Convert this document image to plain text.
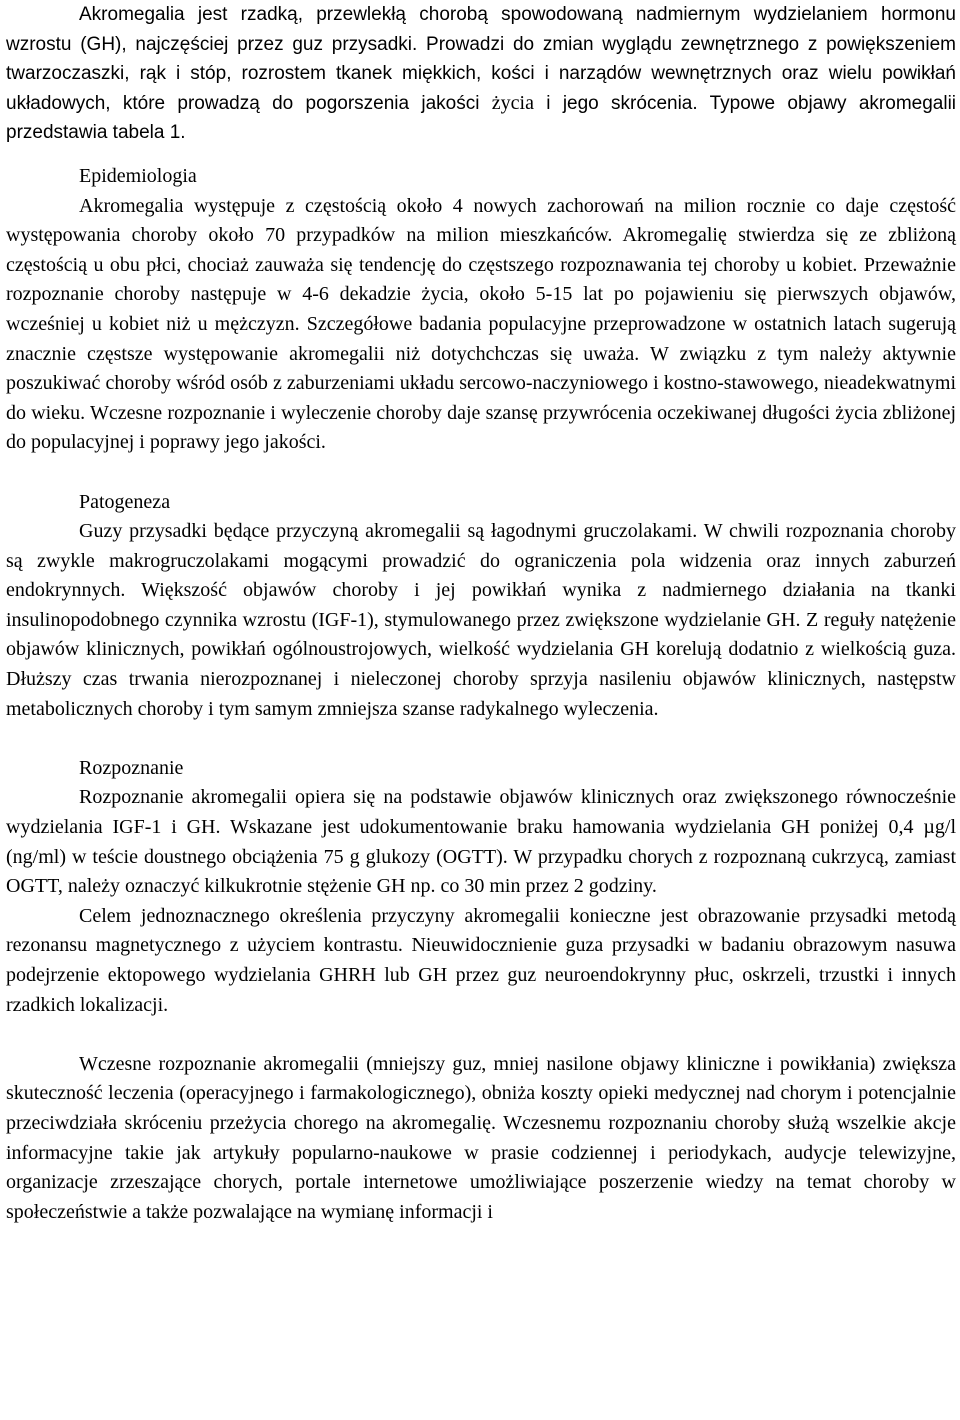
Akromegalia jest rzadką, przewlekłą chorobą spowodowaną nadmiernym wydzielaniem hormonu wzrostu (GH), najczęściej przez guz przysadki. Prowadzi do zmian wyglądu zewnętrznego z powiększeniem twarzoczaszki, rąk i stóp, rozrostem tkanek miękkich, kości i narządów wewnętrznych oraz wielu powikłań układowych, które prowadzą do pogorszenia jakości życia i jego skrócenia. Typowe objawy akromegalii przedstawia tabela 1.

Epidemiologia

Akromegalia występuje z częstością około 4 nowych zachorowań na milion rocznie co daje częstość występowania choroby około 70 przypadków na milion mieszkańców. Akromegalię stwierdza się ze zbliżoną częstością u obu płci, chociaż zauważa się tendencję do częstszego rozpoznawania tej choroby u kobiet. Przeważnie rozpoznanie choroby następuje w 4-6 dekadzie życia, około 5-15 lat po pojawieniu się pierwszych objawów, wcześniej u kobiet niż u mężczyzn. Szczegółowe badania populacyjne przeprowadzone w ostatnich latach sugerują znacznie częstsze występowanie akromegalii niż dotychchczas się uważa. W związku z tym należy aktywnie poszukiwać choroby wśród osób z zaburzeniami układu sercowo-naczyniowego i kostno-stawowego, nieadekwatnymi do wieku. Wczesne rozpoznanie i wyleczenie choroby daje szansę przywrócenia oczekiwanej długości życia zbliżonej do populacyjnej i poprawy jego jakości.

Patogeneza

Guzy przysadki będące przyczyną akromegalii są łagodnymi gruczolakami. W chwili rozpoznania choroby są zwykle makrogruczolakami mogącymi prowadzić do ograniczenia pola widzenia oraz innych zaburzeń endokrynnych. Większość objawów choroby i jej powikłań wynika z nadmiernego działania na tkanki insulinopodobnego czynnika wzrostu (IGF-1), stymulowanego przez zwiększone wydzielanie GH. Z reguły natężenie objawów klinicznych, powikłań ogólnoustrojowych, wielkość wydzielania GH korelują dodatnio z wielkością guza. Dłuższy czas trwania nierozpoznanej i nieleczonej choroby sprzyja nasileniu objawów klinicznych, następstw metabolicznych choroby i tym samym zmniejsza szanse radykalnego wyleczenia.

Rozpoznanie

Rozpoznanie akromegalii opiera się na podstawie objawów klinicznych oraz zwiększonego równocześnie wydzielania IGF-1 i GH. Wskazane jest udokumentowanie braku hamowania wydzielania GH poniżej 0,4 µg/l (ng/ml) w teście doustnego obciążenia 75 g glukozy (OGTT). W przypadku chorych z rozpoznaną cukrzycą, zamiast OGTT, należy oznaczyć kilkukrotnie stężenie GH np. co 30 min przez 2 godziny.

Celem jednoznacznego określenia przyczyny akromegalii konieczne jest obrazowanie przysadki metodą rezonansu magnetycznego z użyciem kontrastu. Nieuwidocznienie guza przysadki w badaniu obrazowym nasuwa podejrzenie ektopowego wydzielania GHRH lub GH przez guz neuroendokrynny płuc, oskrzeli, trzustki i innych rzadkich lokalizacji.

Wczesne rozpoznanie akromegalii (mniejszy guz, mniej nasilone objawy kliniczne i powikłania) zwiększa skuteczność leczenia (operacyjnego i farmakologicznego), obniża koszty opieki medycznej nad chorym i potencjalnie przeciwdziała skróceniu przeżycia chorego na akromegalię. Wczesnemu rozpoznaniu choroby służą wszelkie akcje informacyjne takie jak artykuły popularno-naukowe w prasie codziennej i periodykach, audycje telewizyjne, organizacje zrzeszające chorych, portale internetowe umożliwiające poszerzenie wiedzy na temat choroby w społeczeństwie a także pozwalające na wymianę informacji i
